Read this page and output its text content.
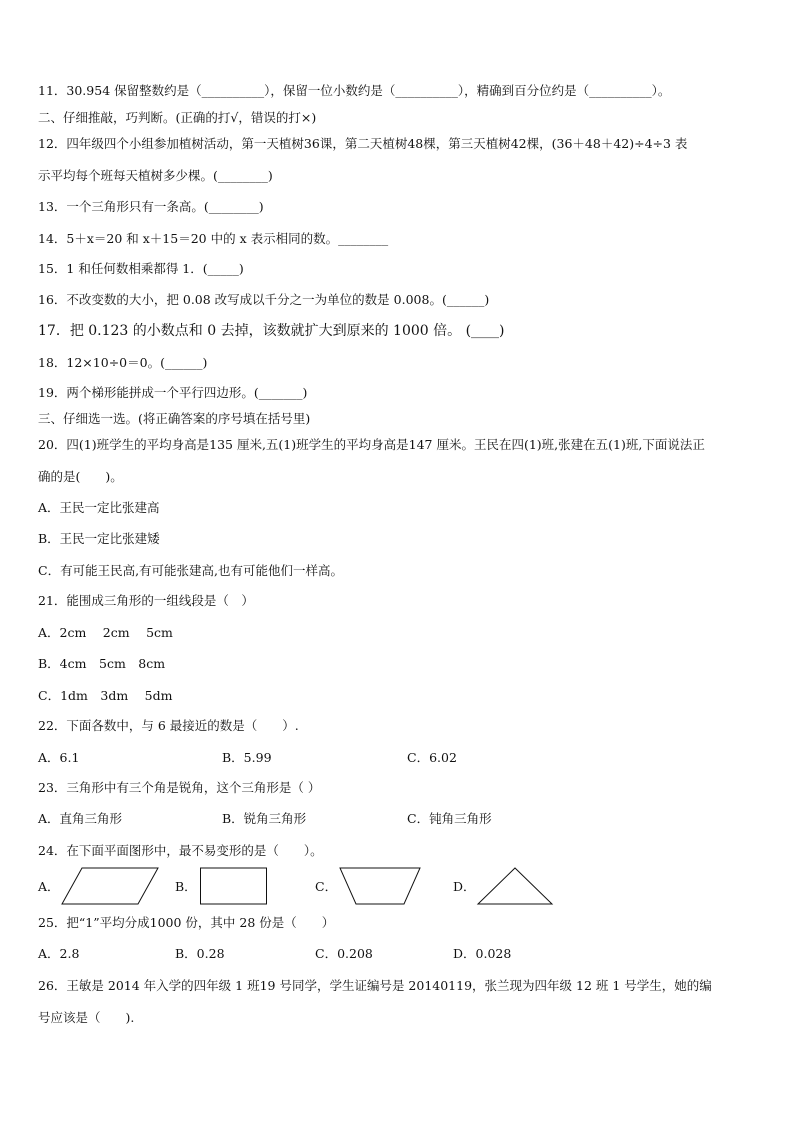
11．30.954 保留整数约是（__________），保留一位小数约是（__________），精确到百分位约是（__________）。
二、仔细推敲，巧判断。(正确的打√，错误的打×)
12．四年级四个小组参加植树活动，第一天植树36课，第二天植树48棵，第三天植树42棵，(36＋48＋42)÷4÷3 表
示平均每个班每天植树多少棵。(________)
13．一个三角形只有一条高。(________)
14．5＋x＝20 和 x＋15＝20 中的 x 表示相同的数。________
15．1 和任何数相乘都得 1．(_____)
16．不改变数的大小，把 0.08 改写成以千分之一为单位的数是 0.008。(______)
17．把 0.123 的小数点和 0 去掉，该数就扩大到原来的 1000 倍。 (____)
18．12×10÷0＝0。(______)
19．两个梯形能拼成一个平行四边形。(_______)
三、仔细选一选。(将正确答案的序号填在括号里)
20．四(1)班学生的平均身高是135 厘米,五(1)班学生的平均身高是147 厘米。王民在四(1)班,张建在五(1)班,下面说法正
确的是(　　)。
A．王民一定比张建高
B．王民一定比张建矮
C．有可能王民高,有可能张建高,也有可能他们一样高。
21．能围成三角形的一组线段是（　）
A．2cm　 2cm　 5cm
B．4cm　5cm　8cm
C．1dm　3dm　 5dm
22．下面各数中，与 6 最接近的数是（　　）.
A．6.1	B．5.99	C．6.02
23．三角形中有三个角是锐角，这个三角形是（ ）
A．直角三角形	B．锐角三角形	C．钝角三角形
24．在下面平面图形中，最不易变形的是（　　）。
A．	B．	C．	D．
25．把“1”平均分成1000 份，其中 28 份是（　　）
A．2.8	B．0.28	C．0.208	D．0.028
26．王敏是 2014 年入学的四年级 1 班19 号同学，学生证编号是 20140119，张兰现为四年级 12 班 1 号学生，她的编
号应该是（　　).
